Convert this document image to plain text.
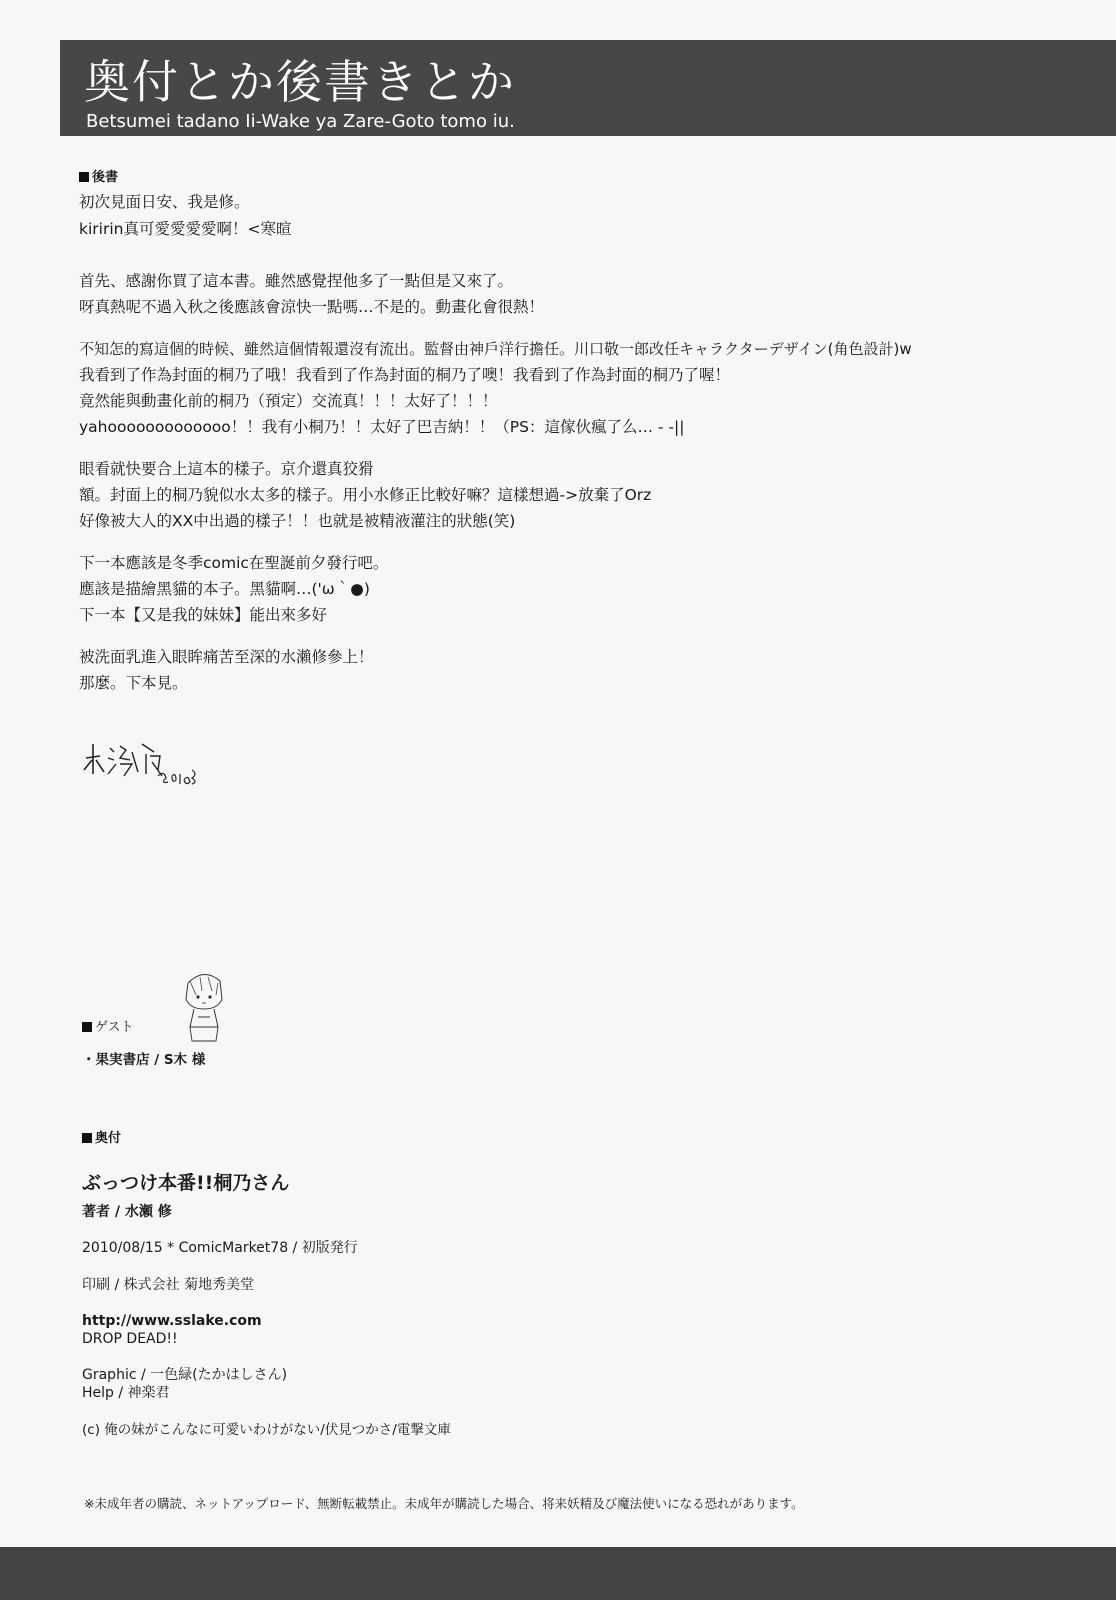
奥付とか後書きとか
Betsumei tadano Ii-Wake ya Zare-Goto tomo iu.
後書
初次見面日安、我是修。
kiririn真可愛愛愛愛啊！<寒暄
首先、感謝你買了這本書。雖然感覺捏他多了一點但是又來了。
呀真熱呢不過入秋之後應該會涼快一點嗎…不是的。動畫化會很熱！
不知怎的寫這個的時候、雖然這個情報還沒有流出。監督由神戶洋行擔任。川口敬一郎改任キャラクターデザイン(角色設計)w
我看到了作為封面的桐乃了哦！我看到了作為封面的桐乃了噢！我看到了作為封面的桐乃了喔！
竟然能與動畫化前的桐乃（預定）交流真！！！太好了！！！
yahooooooooooooo！！我有小桐乃！！太好了巴吉納！！（PS：這傢伙瘋了么… - -||
眼看就快要合上這本的樣子。京介還真狡猾
額。封面上的桐乃貌似水太多的樣子。用小水修正比較好嘛？這樣想過->放棄了Orz
好像被大人的XX中出過的樣子！！也就是被精液灌注的狀態(笑)
下一本應該是冬季comic在聖誕前夕發行吧。
應該是描繪黑貓的本子。黑貓啊…('ω｀●)
下一本【又是我的妹妹】能出來多好
被洗面乳進入眼眸痛苦至深的水瀨修參上！
那麼。下本見。
ゲスト
・果実書店 / S木 様
奥付
ぶっつけ本番!!桐乃さん
著者 / 水瀬 修
2010/08/15 * ComicMarket78 / 初版発行
印刷 / 株式会社 菊地秀美堂
http://www.sslake.com
DROP DEAD!!
Graphic / 一色緑(たかはしさん)
Help / 神楽君
(c) 俺の妹がこんなに可愛いわけがない/伏見つかさ/電撃文庫
※未成年者の購読、ネットアップロード、無断転載禁止。未成年が購読した場合、将来妖精及び魔法使いになる恐れがあります。
